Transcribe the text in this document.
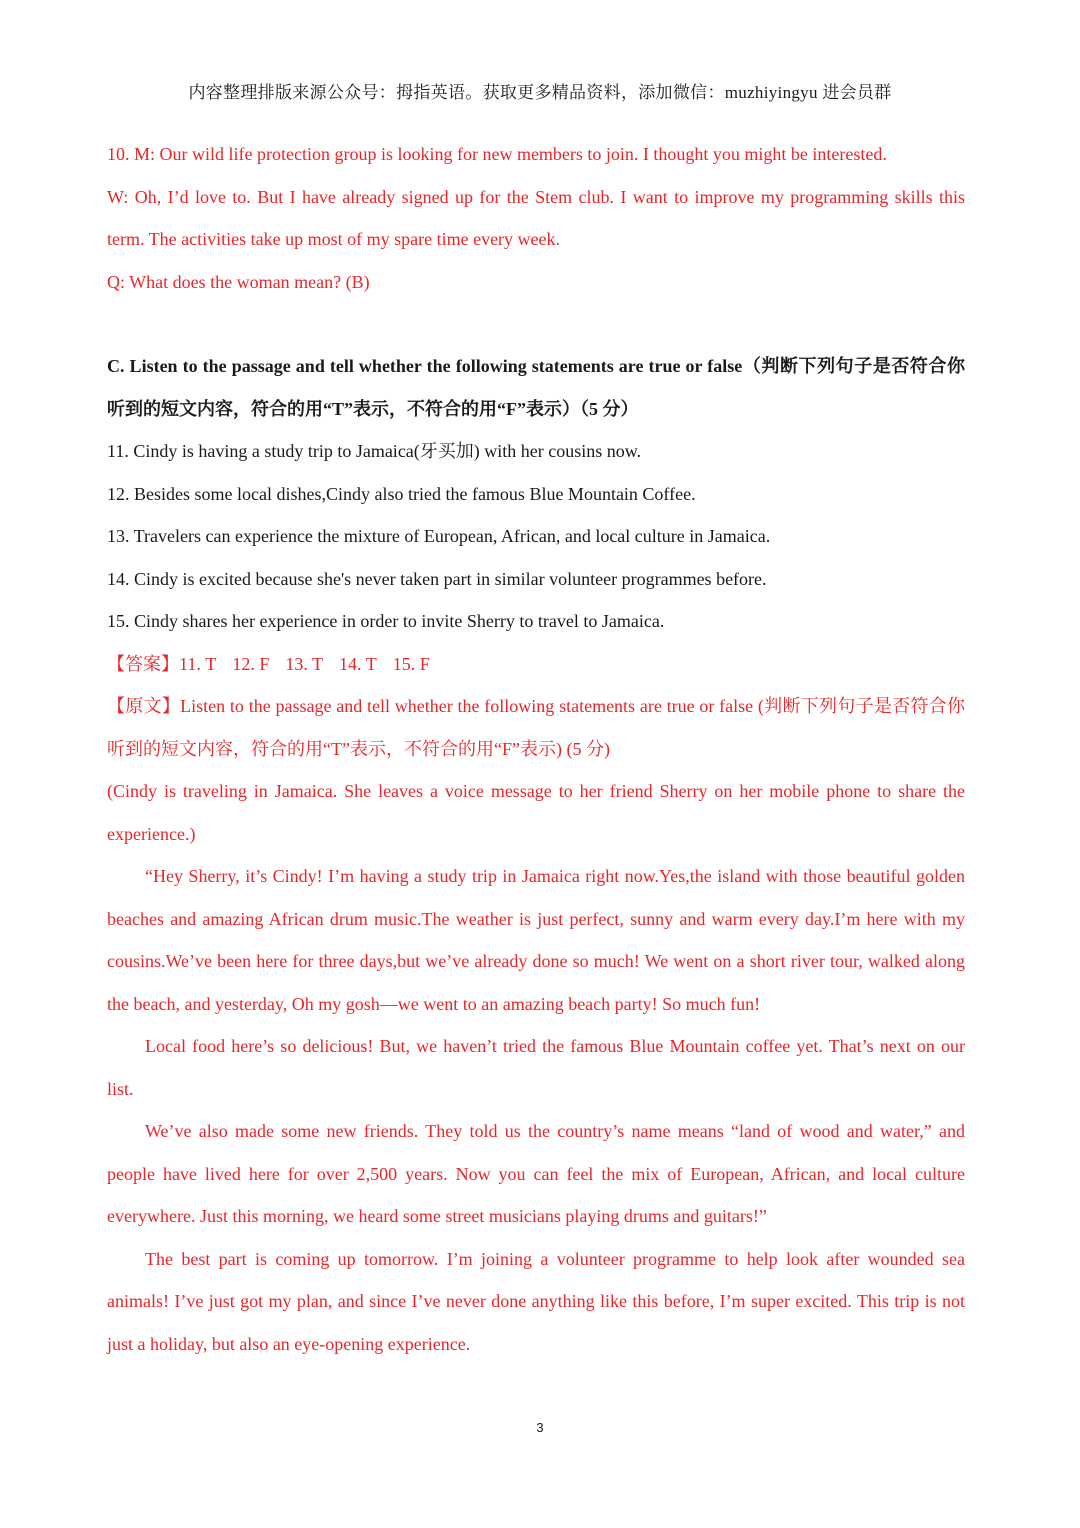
内容整理排版来源公众号：拇指英语。获取更多精品资料，添加微信：muzhiyingyu 进会员群

10. M: Our wild life protection group is looking for new members to join. I thought you might be interested.

W: Oh, I’d love to. But I have already signed up for the Stem club. I want to improve my programming skills this term. The activities take up most of my spare time every week.

Q: What does the woman mean? (B)

C. Listen to the passage and tell whether the following statements are true or false（判断下列句子是否符合你听到的短文内容，符合的用“T”表示，不符合的用“F”表示）（5 分）

11. Cindy is having a study trip to Jamaica(牙买加) with her cousins now.

12. Besides some local dishes,Cindy also tried the famous Blue Mountain Coffee.

13. Travelers can experience the mixture of European, African, and local culture in Jamaica.

14. Cindy is excited because she's never taken part in similar volunteer programmes before.

15. Cindy shares her experience in order to invite Sherry to travel to Jamaica.

【答案】11. T 12. F 13. T 14. T 15. F

【原文】Listen to the passage and tell whether the following statements are true or false (判断下列句子是否符合你听到的短文内容，符合的用“T”表示，不符合的用“F”表示) (5 分)

(Cindy is traveling in Jamaica. She leaves a voice message to her friend Sherry on her mobile phone to share the experience.)

“Hey Sherry, it’s Cindy! I’m having a study trip in Jamaica right now.Yes,the island with those beautiful golden beaches and amazing African drum music.The weather is just perfect, sunny and warm every day.I’m here with my cousins.We’ve been here for three days,but we’ve already done so much! We went on a short river tour, walked along the beach, and yesterday, Oh my gosh—we went to an amazing beach party! So much fun!

Local food here’s so delicious! But, we haven’t tried the famous Blue Mountain coffee yet. That’s next on our list.

We’ve also made some new friends. They told us the country’s name means “land of wood and water,” and people have lived here for over 2,500 years. Now you can feel the mix of European, African, and local culture everywhere. Just this morning, we heard some street musicians playing drums and guitars!”

The best part is coming up tomorrow. I’m joining a volunteer programme to help look after wounded sea animals! I’ve just got my plan, and since I’ve never done anything like this before, I’m super excited. This trip is not just a holiday, but also an eye-opening experience.

3
